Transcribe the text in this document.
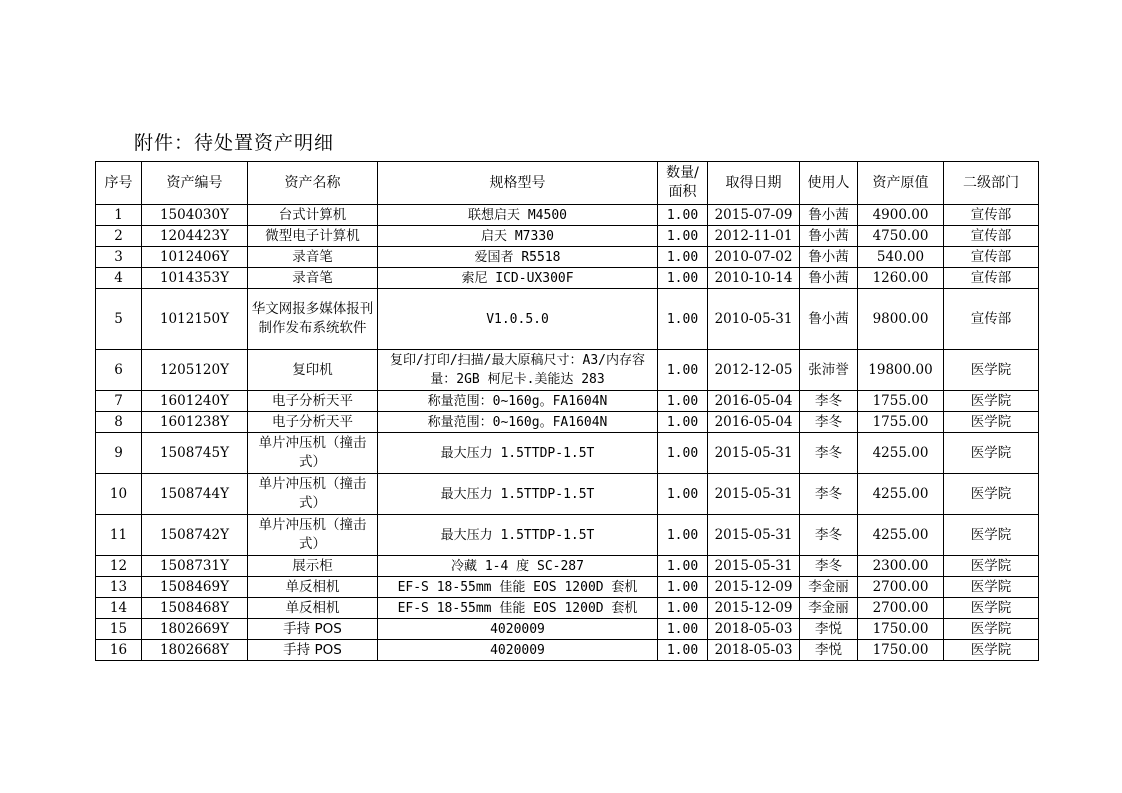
附件：待处置资产明细
序号	资产编号	资产名称	规格型号	数量/面积	取得日期	使用人	资产原值	二级部门
1	1504030Y	台式计算机	联想启天 M4500	1.00	2015-07-09	鲁小茜	4900.00	宣传部
2	1204423Y	微型电子计算机	启天 M7330	1.00	2012-11-01	鲁小茜	4750.00	宣传部
3	1012406Y	录音笔	爱国者 R5518	1.00	2010-07-02	鲁小茜	540.00	宣传部
4	1014353Y	录音笔	索尼 ICD-UX300F	1.00	2010-10-14	鲁小茜	1260.00	宣传部
5	1012150Y	华文网报多媒体报刊制作发布系统软件	V1.0.5.0	1.00	2010-05-31	鲁小茜	9800.00	宣传部
6	1205120Y	复印机	复印/打印/扫描/最大原稿尺寸：A3/内存容量：2GB 柯尼卡.美能达 283	1.00	2012-12-05	张沛誉	19800.00	医学院
7	1601240Y	电子分析天平	称量范围：0~160g。FA1604N	1.00	2016-05-04	李冬	1755.00	医学院
8	1601238Y	电子分析天平	称量范围：0~160g。FA1604N	1.00	2016-05-04	李冬	1755.00	医学院
9	1508745Y	单片冲压机（撞击式）	最大压力 1.5TTDP-1.5T	1.00	2015-05-31	李冬	4255.00	医学院
10	1508744Y	单片冲压机（撞击式）	最大压力 1.5TTDP-1.5T	1.00	2015-05-31	李冬	4255.00	医学院
11	1508742Y	单片冲压机（撞击式）	最大压力 1.5TTDP-1.5T	1.00	2015-05-31	李冬	4255.00	医学院
12	1508731Y	展示柜	冷藏 1-4 度 SC-287	1.00	2015-05-31	李冬	2300.00	医学院
13	1508469Y	单反相机	EF-S 18-55mm 佳能 EOS 1200D 套机	1.00	2015-12-09	李金丽	2700.00	医学院
14	1508468Y	单反相机	EF-S 18-55mm 佳能 EOS 1200D 套机	1.00	2015-12-09	李金丽	2700.00	医学院
15	1802669Y	手持 POS	4020009	1.00	2018-05-03	李悦	1750.00	医学院
16	1802668Y	手持 POS	4020009	1.00	2018-05-03	李悦	1750.00	医学院
